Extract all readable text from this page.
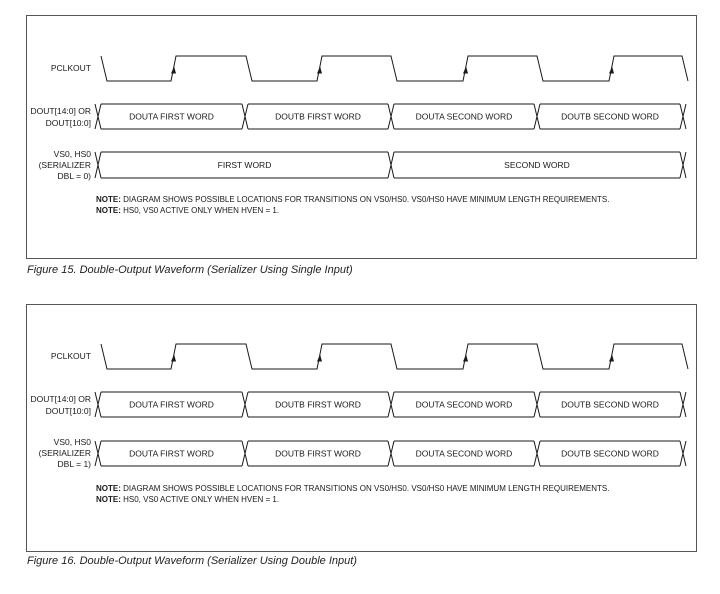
PCLKOUT
DOUT[14:0] OR
DOUT[10:0]
VS0, HS0
(SERIALIZER
DBL = 0)
DOUTA FIRST WORD	DOUTB FIRST WORD	DOUTA SECOND WORD	DOUTB SECOND WORD
FIRST WORD	SECOND WORD
NOTE: DIAGRAM SHOWS POSSIBLE LOCATIONS FOR TRANSITIONS ON VS0/HS0. VS0/HS0 HAVE MINIMUM LENGTH REQUIREMENTS.
NOTE: HS0, VS0 ACTIVE ONLY WHEN HVEN = 1.
Figure 15. Double-Output Waveform (Serializer Using Single Input)
PCLKOUT
DOUT[14:0] OR
DOUT[10:0]
VS0, HS0
(SERIALIZER
DBL = 1)
DOUTA FIRST WORD	DOUTB FIRST WORD	DOUTA SECOND WORD	DOUTB SECOND WORD
DOUTA FIRST WORD	DOUTB FIRST WORD	DOUTA SECOND WORD	DOUTB SECOND WORD
NOTE: DIAGRAM SHOWS POSSIBLE LOCATIONS FOR TRANSITIONS ON VS0/HS0. VS0/HS0 HAVE MINIMUM LENGTH REQUIREMENTS.
NOTE: HS0, VS0 ACTIVE ONLY WHEN HVEN = 1.
Figure 16. Double-Output Waveform (Serializer Using Double Input)
